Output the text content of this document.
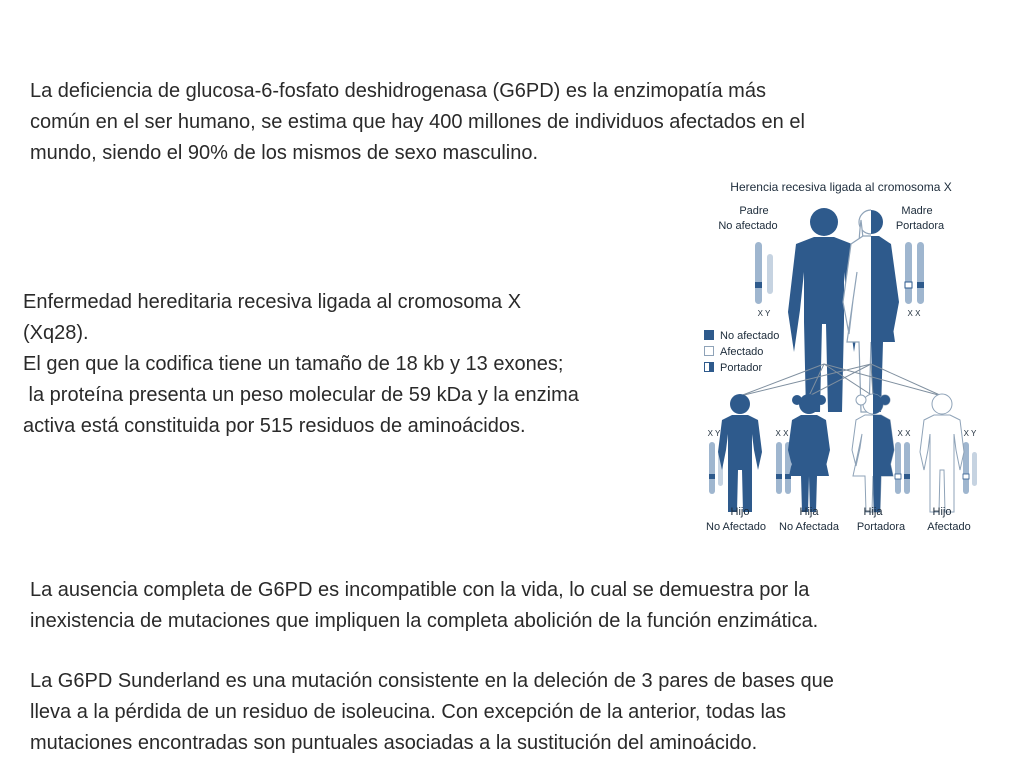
La deficiencia de glucosa-6-fosfato deshidrogenasa (G6PD) es la enzimopatía más
común en el ser humano, se estima que hay 400 millones de individuos afectados en el
mundo, siendo el 90% de los mismos de sexo masculino.
Enfermedad hereditaria recesiva ligada al cromosoma X
(Xq28).
El gen que la codifica tiene un tamaño de 18 kb y 13 exones;
la proteína presenta un peso molecular de 59 kDa y la enzima
activa está constituida por 515 residuos de aminoácidos.
La ausencia completa de G6PD es incompatible con la vida, lo cual se demuestra por la
inexistencia de mutaciones que impliquen la completa abolición de la función enzimática.
La G6PD Sunderland es una mutación consistente en la deleción de 3 pares de bases que
lleva a la pérdida de un residuo de isoleucina. Con excepción de la anterior, todas las
mutaciones encontradas son puntuales asociadas a la sustitución del aminoácido.
Herencia recesiva ligada al cromosoma X
Padre
No afectado
Madre
Portadora
X Y	X X
No afectado
Afectado
Portador
X Y	X X	X X	X Y
Hijo
No Afectado
Hija
No Afectada
Hija
Portadora
Hijo
Afectado
